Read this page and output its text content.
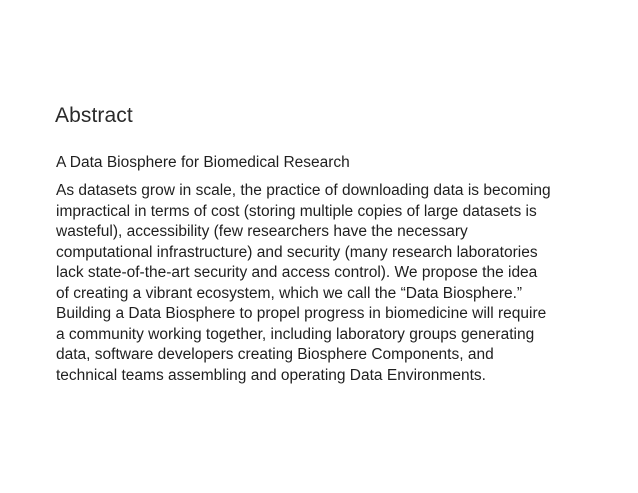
Abstract
A Data Biosphere for Biomedical Research
As datasets grow in scale, the practice of downloading data is becoming
impractical in terms of cost (storing multiple copies of large datasets is
wasteful), accessibility (few researchers have the necessary
computational infrastructure) and security (many research laboratories
lack state-of-the-art security and access control). We propose the idea
of creating a vibrant ecosystem, which we call the “Data Biosphere.”
Building a Data Biosphere to propel progress in biomedicine will require
a community working together, including laboratory groups generating
data, software developers creating Biosphere Components, and
technical teams assembling and operating Data Environments.
